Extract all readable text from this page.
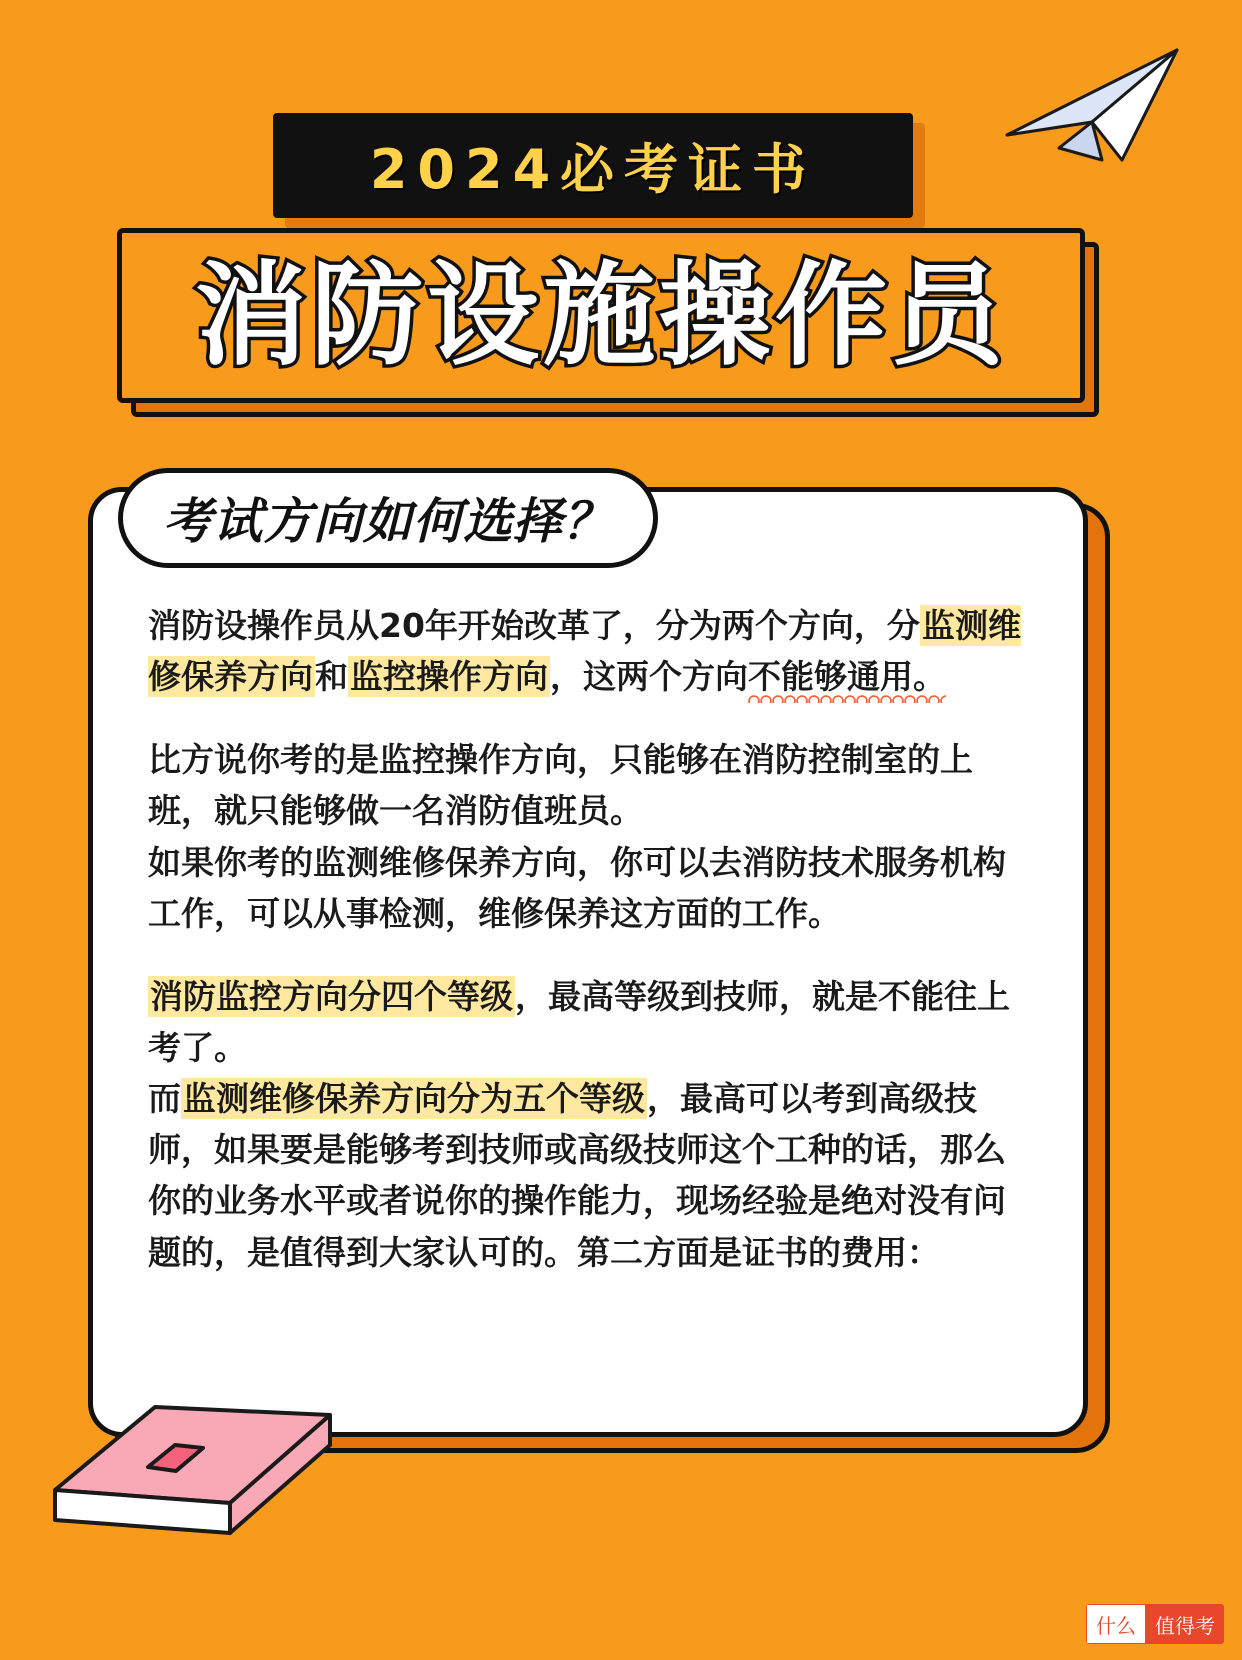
2024必考证书
消防设施操作员
考试方向如何选择？

消防设操作员从20年开始改革了，分为两个方向，分监测维修保养方向和监控操作方向，这两个方向不能够通用。

比方说你考的是监控操作方向，只能够在消防控制室的上班，就只能够做一名消防值班员。

如果你考的监测维修保养方向，你可以去消防技术服务机构工作，可以从事检测，维修保养这方面的工作。

消防监控方向分四个等级，最高等级到技师，就是不能往上考了。

而监测维修保养方向分为五个等级，最高可以考到高级技师，如果要是能够考到技师或高级技师这个工种的话，那么你的业务水平或者说你的操作能力，现场经验是绝对没有问题的，是值得到大家认可的。第二方面是证书的费用：

什么 值得考
